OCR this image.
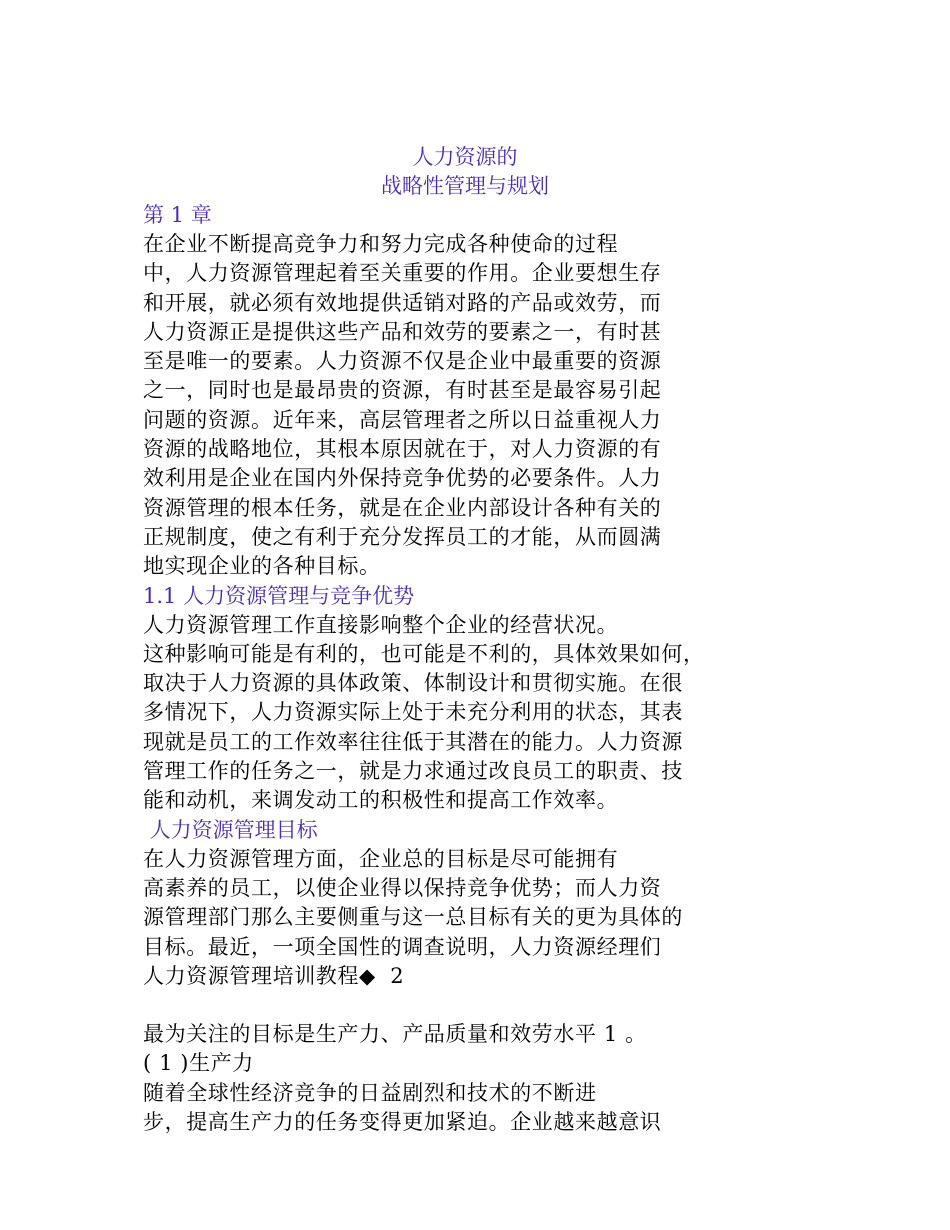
人力资源的
战略性管理与规划
第 1 章
在企业不断提高竞争力和努力完成各种使命的过程
中，人力资源管理起着至关重要的作用。企业要想生存
和开展，就必须有效地提供适销对路的产品或效劳，而
人力资源正是提供这些产品和效劳的要素之一，有时甚
至是唯一的要素。人力资源不仅是企业中最重要的资源
之一，同时也是最昂贵的资源，有时甚至是最容易引起
问题的资源。近年来，高层管理者之所以日益重视人力
资源的战略地位，其根本原因就在于，对人力资源的有
效利用是企业在国内外保持竞争优势的必要条件。人力
资源管理的根本任务，就是在企业内部设计各种有关的
正规制度，使之有利于充分发挥员工的才能，从而圆满
地实现企业的各种目标。
1.1 人力资源管理与竞争优势
人力资源管理工作直接影响整个企业的经营状况。
这种影响可能是有利的，也可能是不利的，具体效果如何，
取决于人力资源的具体政策、体制设计和贯彻实施。在很
多情况下，人力资源实际上处于未充分利用的状态，其表
现就是员工的工作效率往往低于其潜在的能力。人力资源
管理工作的任务之一，就是力求通过改良员工的职责、技
能和动机，来调发动工的积极性和提高工作效率。
人力资源管理目标
在人力资源管理方面，企业总的目标是尽可能拥有
高素养的员工，以使企业得以保持竞争优势；而人力资
源管理部门那么主要侧重与这一总目标有关的更为具体的
目标。最近，一项全国性的调查说明，人力资源经理们
人力资源管理培训教程◆  2
最为关注的目标是生产力、产品质量和效劳水平 1 。
( 1 )生产力
随着全球性经济竞争的日益剧烈和技术的不断进
步，提高生产力的任务变得更加紧迫。企业越来越意识
